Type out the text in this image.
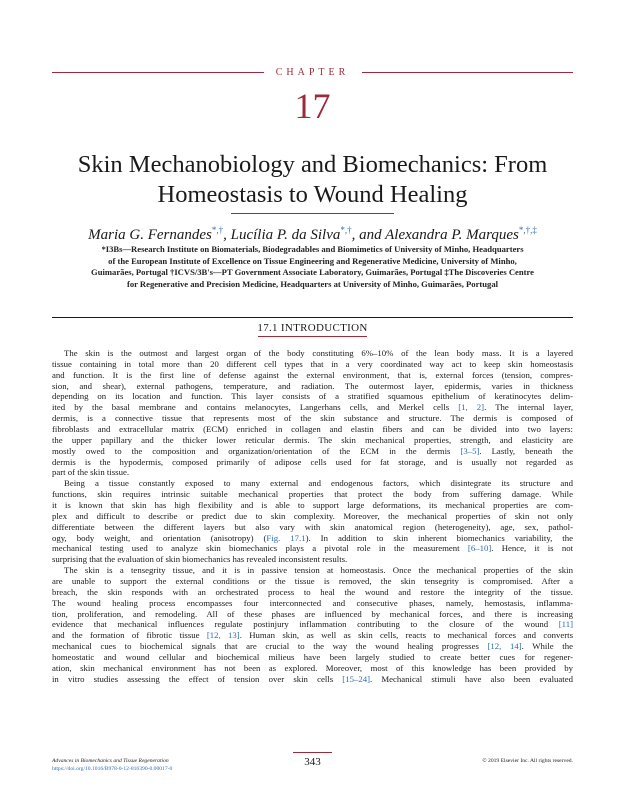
CHAPTER
17
Skin Mechanobiology and Biomechanics: From
Homeostasis to Wound Healing
Maria G. Fernandes*,†, Lucília P. da Silva*,†, and Alexandra P. Marques*,†,‡
*I3Bs—Research Institute on Biomaterials, Biodegradables and Biomimetics of University of Minho, Headquarters
of the European Institute of Excellence on Tissue Engineering and Regenerative Medicine, University of Minho,
Guimarães, Portugal †ICVS/3B's—PT Government Associate Laboratory, Guimarães, Portugal ‡The Discoveries Centre
for Regenerative and Precision Medicine, Headquarters at University of Minho, Guimarães, Portugal
17.1 INTRODUCTION
The skin is the outmost and largest organ of the body constituting 6%–10% of the lean body mass. It is a layered
tissue containing in total more than 20 different cell types that in a very coordinated way act to keep skin homeostasis
and function. It is the first line of defense against the external environment, that is, external forces (tension, compres-
sion, and shear), external pathogens, temperature, and radiation. The outermost layer, epidermis, varies in thickness
depending on its location and function. This layer consists of a stratified squamous epithelium of keratinocytes delim-
ited by the basal membrane and contains melanocytes, Langerhans cells, and Merkel cells [1, 2]. The internal layer,
dermis, is a connective tissue that represents most of the skin substance and structure. The dermis is composed of
fibroblasts and extracellular matrix (ECM) enriched in collagen and elastin fibers and can be divided into two layers:
the upper papillary and the thicker lower reticular dermis. The skin mechanical properties, strength, and elasticity are
mostly owed to the composition and organization/orientation of the ECM in the dermis [3–5]. Lastly, beneath the
dermis is the hypodermis, composed primarily of adipose cells used for fat storage, and is usually not regarded as
part of the skin tissue.
Being a tissue constantly exposed to many external and endogenous factors, which disintegrate its structure and
functions, skin requires intrinsic suitable mechanical properties that protect the body from suffering damage. While
it is known that skin has high flexibility and is able to support large deformations, its mechanical properties are com-
plex and difficult to describe or predict due to skin complexity. Moreover, the mechanical properties of skin not only
differentiate between the different layers but also vary with skin anatomical region (heterogeneity), age, sex, pathol-
ogy, body weight, and orientation (anisotropy) (Fig. 17.1). In addition to skin inherent biomechanics variability, the
mechanical testing used to analyze skin biomechanics plays a pivotal role in the measurement [6–10]. Hence, it is not
surprising that the evaluation of skin biomechanics has revealed inconsistent results.
The skin is a tensegrity tissue, and it is in passive tension at homeostasis. Once the mechanical properties of the skin
are unable to support the external conditions or the tissue is removed, the skin tensegrity is compromised. After a
breach, the skin responds with an orchestrated process to heal the wound and restore the integrity of the tissue.
The wound healing process encompasses four interconnected and consecutive phases, namely, hemostasis, inflamma-
tion, proliferation, and remodeling. All of these phases are influenced by mechanical forces, and there is increasing
evidence that mechanical influences regulate postinjury inflammation contributing to the closure of the wound [11]
and the formation of fibrotic tissue [12, 13]. Human skin, as well as skin cells, reacts to mechanical forces and converts
mechanical cues to biochemical signals that are crucial to the way the wound healing progresses [12, 14]. While the
homeostatic and wound cellular and biochemical milieus have been largely studied to create better cues for regener-
ation, skin mechanical environment has not been as explored. Moreover, most of this knowledge has been provided by
in vitro studies assessing the effect of tension over skin cells [15–24]. Mechanical stimuli have also been evaluated
343
Advances in Biomechanics and Tissue Regeneration
https://doi.org/10.1016/B978-0-12-816390-0.00017-0
© 2019 Elsevier Inc. All rights reserved.
